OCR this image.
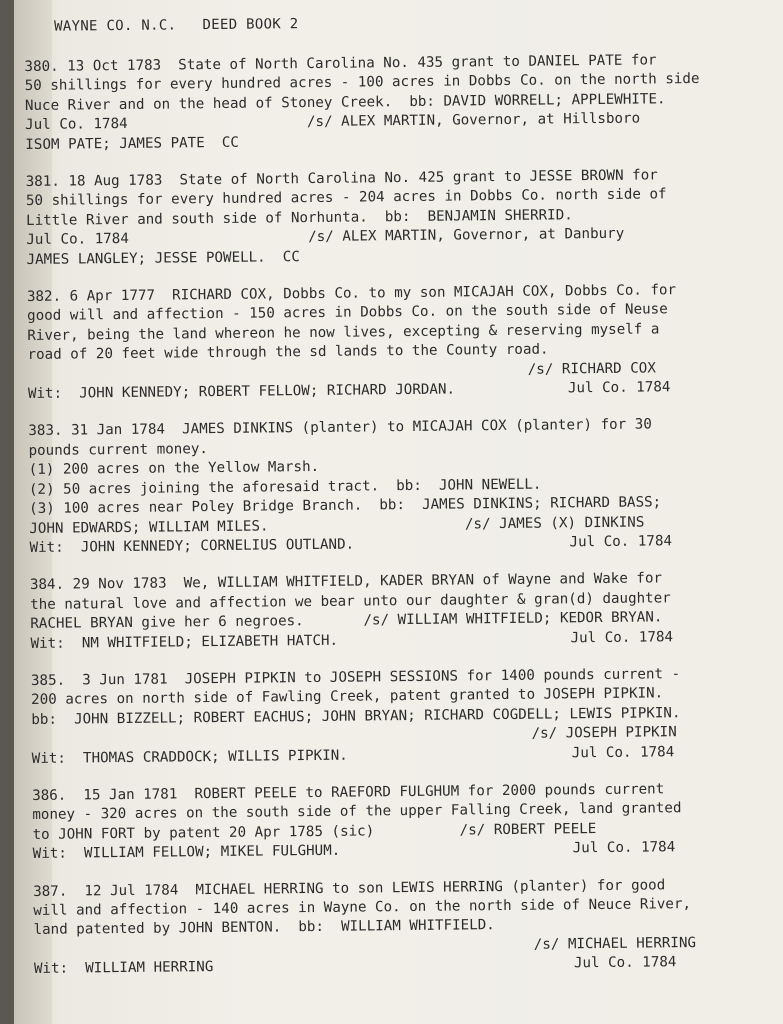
WAYNE CO. N.C.   DEED BOOK 2
380. 13 Oct 1783  State of North Carolina No. 435 grant to DANIEL PATE for
50 shillings for every hundred acres - 100 acres in Dobbs Co. on the north side
Nuce River and on the head of Stoney Creek.  bb: DAVID WORRELL; APPLEWHITE.
Jul Co. 1784                     /s/ ALEX MARTIN, Governor, at Hillsboro
ISOM PATE; JAMES PATE  CC
381. 18 Aug 1783  State of North Carolina No. 425 grant to JESSE BROWN for
50 shillings for every hundred acres - 204 acres in Dobbs Co. north side of
Little River and south side of Norhunta.  bb:  BENJAMIN SHERRID.
Jul Co. 1784                     /s/ ALEX MARTIN, Governor, at Danbury
JAMES LANGLEY; JESSE POWELL.  CC
382. 6 Apr 1777  RICHARD COX, Dobbs Co. to my son MICAJAH COX, Dobbs Co. for
good will and affection - 150 acres in Dobbs Co. on the south side of Neuse
River, being the land whereon he now lives, excepting & reserving myself a
road of 20 feet wide through the sd lands to the County road.
/s/ RICHARD COX
Wit:  JOHN KENNEDY; ROBERT FELLOW; RICHARD JORDAN.	Jul Co. 1784
383. 31 Jan 1784  JAMES DINKINS (planter) to MICAJAH COX (planter) for 30
pounds current money.
(1) 200 acres on the Yellow Marsh.
(2) 50 acres joining the aforesaid tract.  bb:  JOHN NEWELL.
(3) 100 acres near Poley Bridge Branch.  bb:  JAMES DINKINS; RICHARD BASS;
JOHN EDWARDS; WILLIAM MILES.                       /s/ JAMES (X) DINKINS
Wit:  JOHN KENNEDY; CORNELIUS OUTLAND.	Jul Co. 1784
384. 29 Nov 1783  We, WILLIAM WHITFIELD, KADER BRYAN of Wayne and Wake for
the natural love and affection we bear unto our daughter & gran(d) daughter
RACHEL BRYAN give her 6 negroes.       /s/ WILLIAM WHITFIELD; KEDOR BRYAN.
Wit:  NM WHITFIELD; ELIZABETH HATCH.	Jul Co. 1784
385.  3 Jun 1781  JOSEPH PIPKIN to JOSEPH SESSIONS for 1400 pounds current -
200 acres on north side of Fawling Creek, patent granted to JOSEPH PIPKIN.
bb:  JOHN BIZZELL; ROBERT EACHUS; JOHN BRYAN; RICHARD COGDELL; LEWIS PIPKIN.
/s/ JOSEPH PIPKIN
Wit:  THOMAS CRADDOCK; WILLIS PIPKIN.	Jul Co. 1784
386.  15 Jan 1781  ROBERT PEELE to RAEFORD FULGHUM for 2000 pounds current
money - 320 acres on the south side of the upper Falling Creek, land granted
to JOHN FORT by patent 20 Apr 1785 (sic)          /s/ ROBERT PEELE
Wit:  WILLIAM FELLOW; MIKEL FULGHUM.	Jul Co. 1784
387.  12 Jul 1784  MICHAEL HERRING to son LEWIS HERRING (planter) for good
will and affection - 140 acres in Wayne Co. on the north side of Neuce River,
land patented by JOHN BENTON.  bb:  WILLIAM WHITFIELD.
/s/ MICHAEL HERRING
Wit:  WILLIAM HERRING	Jul Co. 1784
